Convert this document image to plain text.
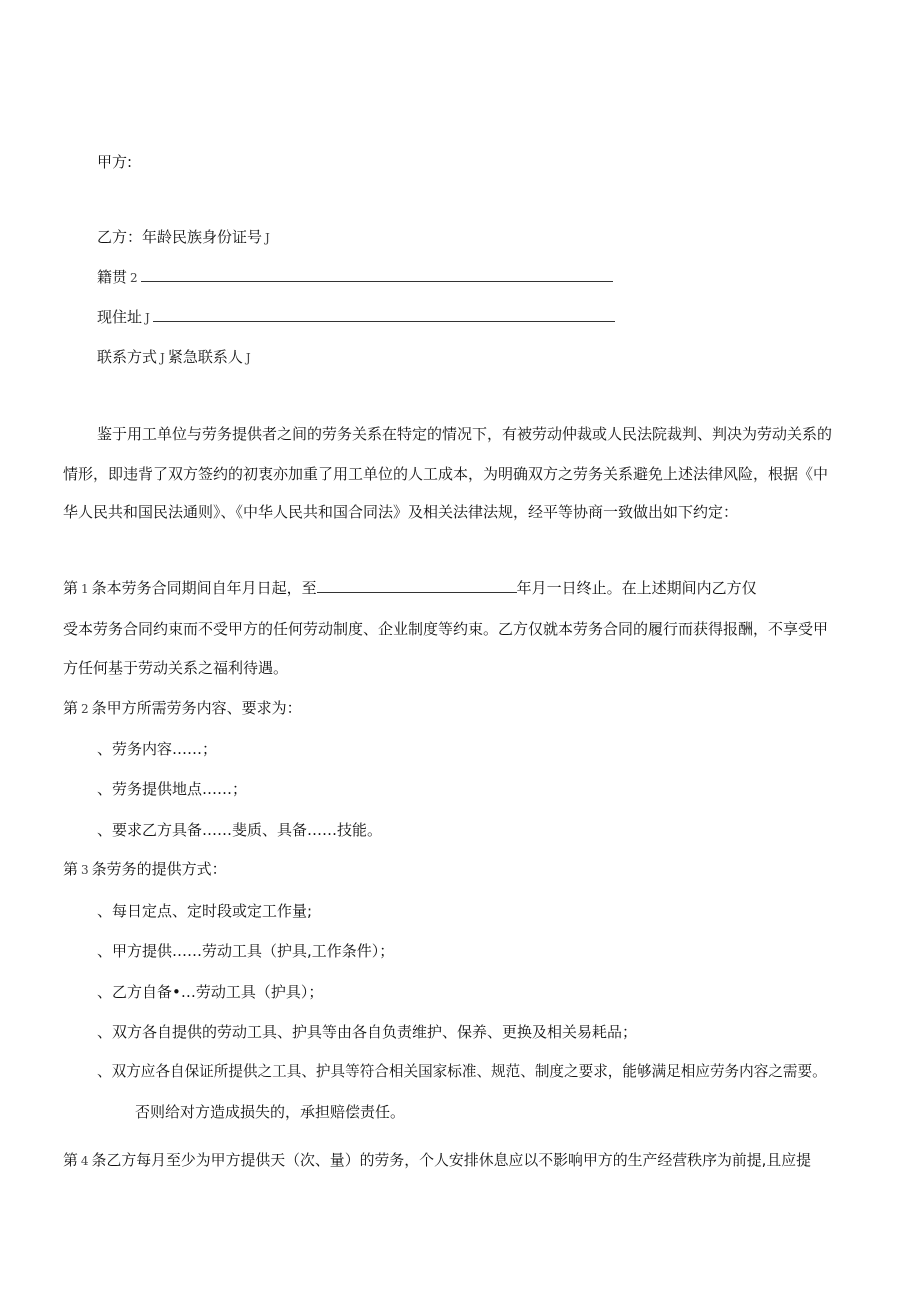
甲方:
乙方：年龄民族身份证号 J
籍贯 2
现住址 J
联系方式 J 紧急联系人 J
鉴于用工单位与劳务提供者之间的劳务关系在特定的情况下，有被劳动仲裁或人民法院裁判、判决为劳动关系的
情形，即违背了双方签约的初衷亦加重了用工单位的人工成本，为明确双方之劳务关系避免上述法律风险，根据《中
华人民共和国民法通则》、《中华人民共和国合同法》及相关法律法规，经平等协商一致做出如下约定：
第 1 条本劳务合同期间自年月日起，至	年月一日终止。在上述期间内乙方仅
受本劳务合同约束而不受甲方的任何劳动制度、企业制度等约束。乙方仅就本劳务合同的履行而获得报酬，不享受甲
方任何基于劳动关系之福利待遇。
第 2 条甲方所需劳务内容、要求为：
、劳务内容……；
、劳务提供地点……；
、要求乙方具备……斐质、具备……技能。
第 3 条劳务的提供方式：
、每日定点、定时段或定工作量;
、甲方提供……劳动工具（护具,工作条件）；
、乙方自备•…劳动工具（护具）；
、双方各自提供的劳动工具、护具等由各自负责维护、保养、更换及相关易耗品；
、双方应各自保证所提供之工具、护具等符合相关国家标准、规范、制度之要求，能够满足相应劳务内容之需要。
否则给对方造成损失的，承担赔偿责任。
第 4 条乙方每月至少为甲方提供天（次、量）的劳务，个人安排休息应以不影响甲方的生产经营秩序为前提,且应提
